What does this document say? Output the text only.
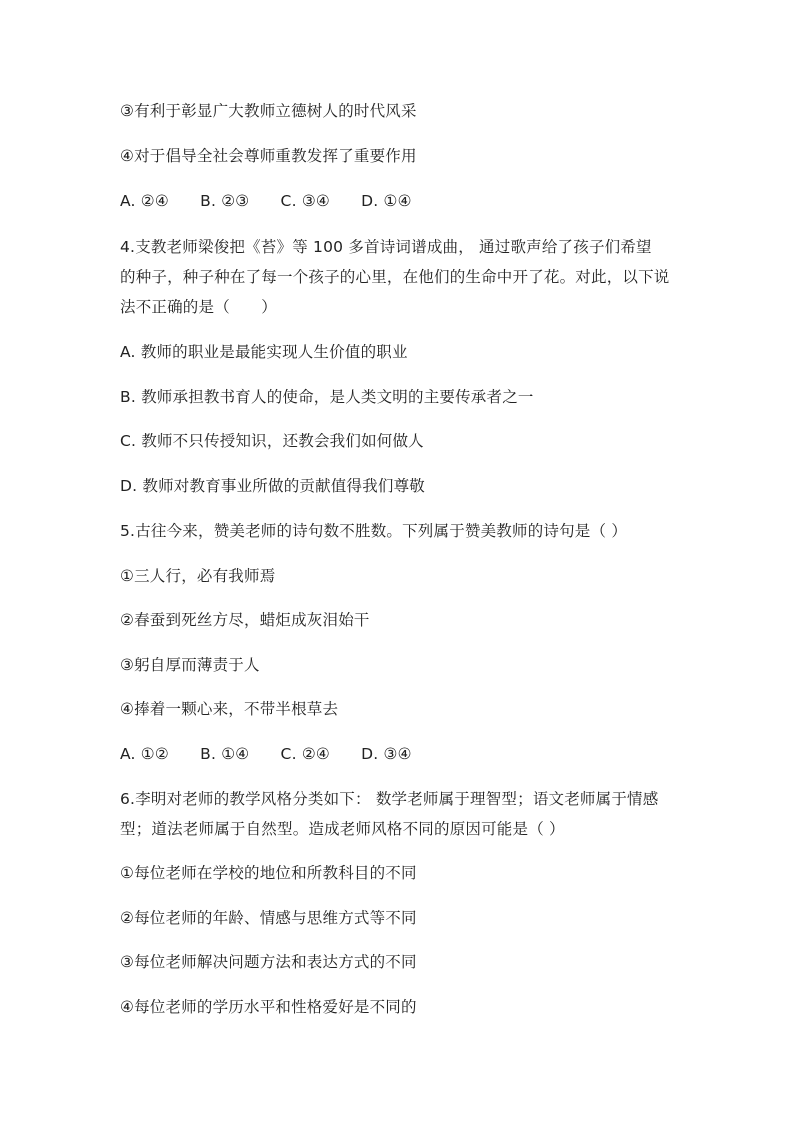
③有利于彰显广大教师立德树人的时代风采
④对于倡导全社会尊师重教发挥了重要作用
A. ②④ B. ②③ C. ③④ D. ①④
4.支教老师梁俊把《苔》等 100 多首诗词谱成曲， 通过歌声给了孩子们希望
的种子，种子种在了每一个孩子的心里，在他们的生命中开了花。对此，以下说
法不正确的是（　　）
A. 教师的职业是最能实现人生价值的职业
B. 教师承担教书育人的使命，是人类文明的主要传承者之一
C. 教师不只传授知识，还教会我们如何做人
D. 教师对教育事业所做的贡献值得我们尊敬
5.古往今来，赞美老师的诗句数不胜数。下列属于赞美教师的诗句是（ ）
①三人行，必有我师焉
②春蚕到死丝方尽，蜡炬成灰泪始干
③躬自厚而薄责于人
④捧着一颗心来，不带半根草去
A. ①② B. ①④ C. ②④ D. ③④
6.李明对老师的教学风格分类如下： 数学老师属于理智型；语文老师属于情感
型；道法老师属于自然型。造成老师风格不同的原因可能是（ ）
①每位老师在学校的地位和所教科目的不同
②每位老师的年龄、情感与思维方式等不同
③每位老师解决问题方法和表达方式的不同
④每位老师的学历水平和性格爱好是不同的
